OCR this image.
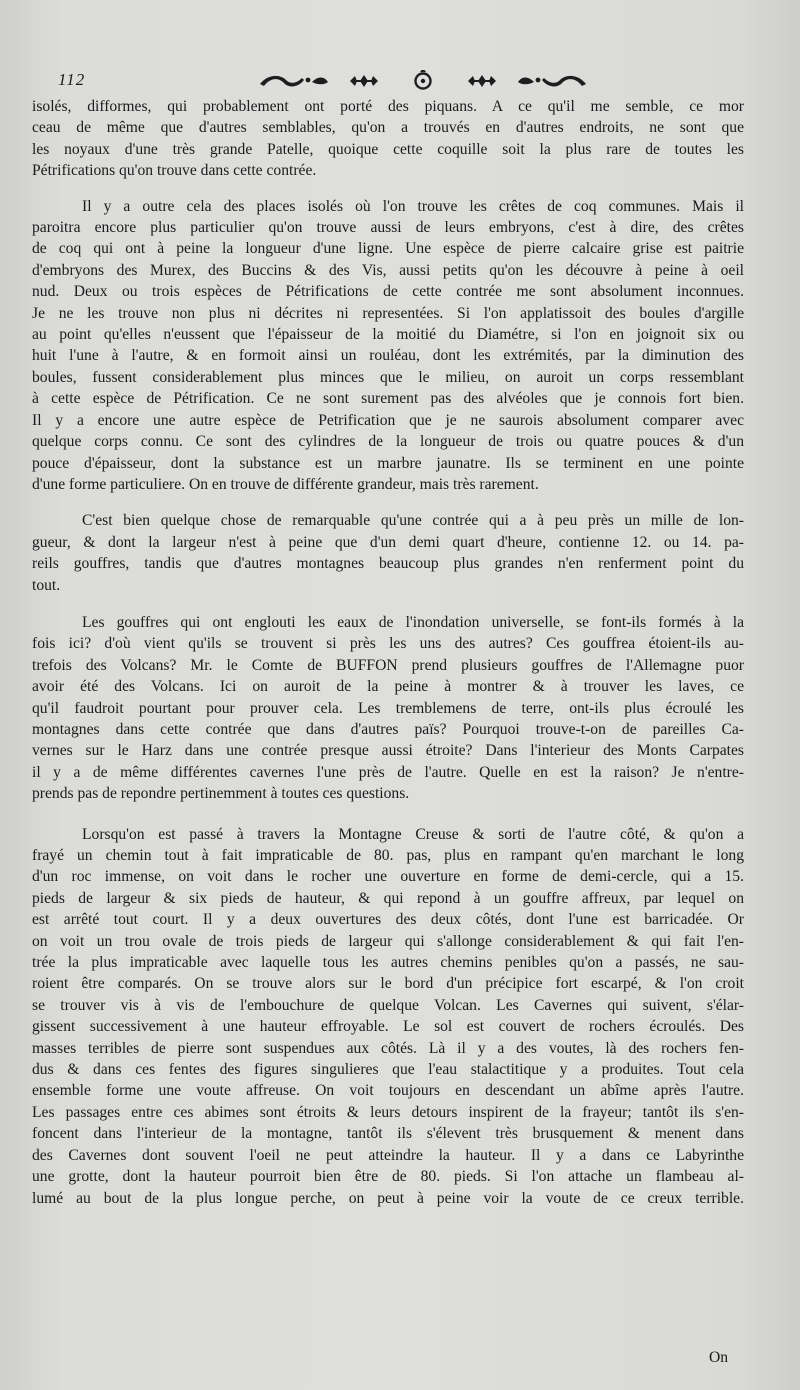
112

isolés, difformes, qui probablement ont porté des piquans. A ce qu'il me semble, ce mor
ceau de même que d'autres semblables, qu'on a trouvés en d'autres endroits, ne sont que
les noyaux d'une très grande Patelle, quoique cette coquille soit la plus rare de toutes les
Pétrifications qu'on trouve dans cette contrée.

Il y a outre cela des places isolés où l'on trouve les crêtes de coq communes. Mais il
paroitra encore plus particulier qu'on trouve aussi de leurs embryons, c'est à dire, des crêtes
de coq qui ont à peine la longueur d'une ligne. Une espèce de pierre calcaire grise est paitrie
d'embryons des Murex, des Buccins & des Vis, aussi petits qu'on les découvre à peine à oeil
nud. Deux ou trois espèces de Pétrifications de cette contrée me sont absolument inconnues.
Je ne les trouve non plus ni décrites ni representées. Si l'on applatissoit des boules d'argille
au point qu'elles n'eussent que l'épaisseur de la moitié du Diamétre, si l'on en joignoit six ou
huit l'une à l'autre, & en formoit ainsi un rouléau, dont les extrémités, par la diminution des
boules, fussent considerablement plus minces que le milieu, on auroit un corps ressemblant
à cette espèce de Pétrification. Ce ne sont surement pas des alvéoles que je connois fort bien.
Il y a encore une autre espèce de Petrification que je ne saurois absolument comparer avec
quelque corps connu. Ce sont des cylindres de la longueur de trois ou quatre pouces & d'un
pouce d'épaisseur, dont la substance est un marbre jaunatre. Ils se terminent en une pointe
d'une forme particuliere. On en trouve de différente grandeur, mais très rarement.

C'est bien quelque chose de remarquable qu'une contrée qui a à peu près un mille de lon-
gueur, & dont la largeur n'est à peine que d'un demi quart d'heure, contienne 12. ou 14. pa-
reils gouffres, tandis que d'autres montagnes beaucoup plus grandes n'en renferment point du
tout.

Les gouffres qui ont englouti les eaux de l'inondation universelle, se font-ils formés à la
fois ici? d'où vient qu'ils se trouvent si près les uns des autres? Ces gouffrea étoient-ils au-
trefois des Volcans? Mr. le Comte de BUFFON prend plusieurs gouffres de l'Allemagne puor
avoir été des Volcans. Ici on auroit de la peine à montrer & à trouver les laves, ce
qu'il faudroit pourtant pour prouver cela. Les tremblemens de terre, ont-ils plus écroulé les
montagnes dans cette contrée que dans d'autres païs? Pourquoi trouve-t-on de pareilles Ca-
vernes sur le Harz dans une contrée presque aussi étroite? Dans l'interieur des Monts Carpates
il y a de même différentes cavernes l'une près de l'autre. Quelle en est la raison? Je n'entre-
prends pas de repondre pertinemment à toutes ces questions.

Lorsqu'on est passé à travers la Montagne Creuse & sorti de l'autre côté, & qu'on a
frayé un chemin tout à fait impraticable de 80. pas, plus en rampant qu'en marchant le long
d'un roc immense, on voit dans le rocher une ouverture en forme de demi-cercle, qui a 15.
pieds de largeur & six pieds de hauteur, & qui repond à un gouffre affreux, par lequel on
est arrêté tout court. Il y a deux ouvertures des deux côtés, dont l'une est barricadée. Or
on voit un trou ovale de trois pieds de largeur qui s'allonge considerablement & qui fait l'en-
trée la plus impraticable avec laquelle tous les autres chemins penibles qu'on a passés, ne sau-
roient être comparés. On se trouve alors sur le bord d'un précipice fort escarpé, & l'on croit
se trouver vis à vis de l'embouchure de quelque Volcan. Les Cavernes qui suivent, s'élar-
gissent successivement à une hauteur effroyable. Le sol est couvert de rochers écroulés. Des
masses terribles de pierre sont suspendues aux côtés. Là il y a des voutes, là des rochers fen-
dus & dans ces fentes des figures singulieres que l'eau stalactitique y a produites. Tout cela
ensemble forme une voute affreuse. On voit toujours en descendant un abîme après l'autre.
Les passages entre ces abimes sont étroits & leurs detours inspirent de la frayeur; tantôt ils s'en-
foncent dans l'interieur de la montagne, tantôt ils s'élevent très brusquement & menent dans
des Cavernes dont souvent l'oeil ne peut atteindre la hauteur. Il y a dans ce Labyrinthe
une grotte, dont la hauteur pourroit bien être de 80. pieds. Si l'on attache un flambeau al-
lumé au bout de la plus longue perche, on peut à peine voir la voute de ce creux terrible.

On
